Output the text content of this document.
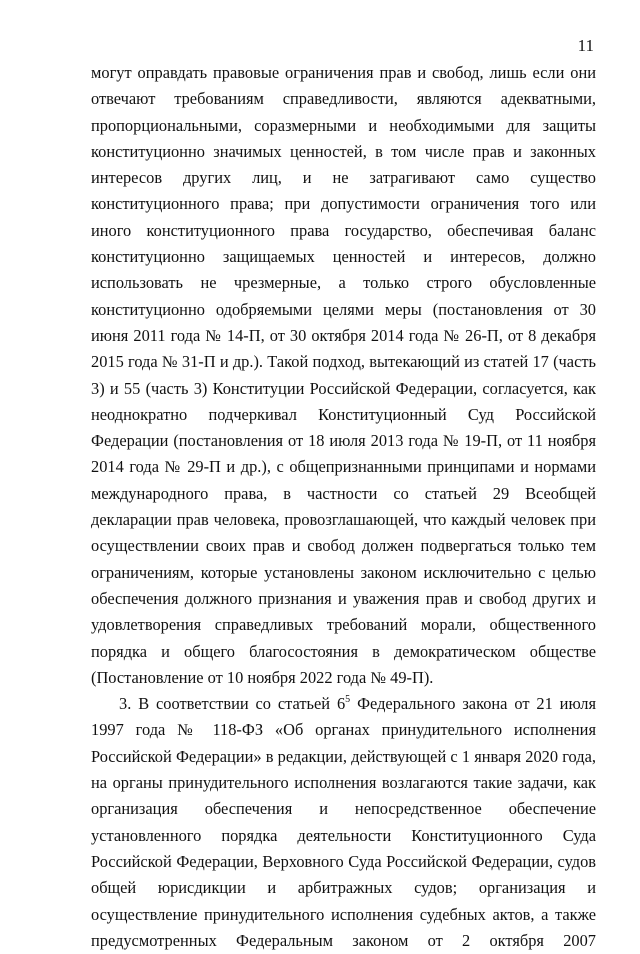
11

могут оправдать правовые ограничения прав и свобод, лишь если они отвечают требованиям справедливости, являются адекватными, пропорциональными, соразмерными и необходимыми для защиты конституционно значимых ценностей, в том числе прав и законных интересов других лиц, и не затрагивают само существо конституционного права; при допустимости ограничения того или иного конституционного права государство, обеспечивая баланс конституционно защищаемых ценностей и интересов, должно использовать не чрезмерные, а только строго обусловленные конституционно одобряемыми целями меры (постановления от 30 июня 2011 года № 14-П, от 30 октября 2014 года № 26-П, от 8 декабря 2015 года № 31-П и др.). Такой подход, вытекающий из статей 17 (часть 3) и 55 (часть 3) Конституции Российской Федерации, согласуется, как неоднократно подчеркивал Конституционный Суд Российской Федерации (постановления от 18 июля 2013 года № 19-П, от 11 ноября 2014 года № 29-П и др.), с общепризнанными принципами и нормами международного права, в частности со статьей 29 Всеобщей декларации прав человека, провозглашающей, что каждый человек при осуществлении своих прав и свобод должен подвергаться только тем ограничениям, которые установлены законом исключительно с целью обеспечения должного признания и уважения прав и свобод других и удовлетворения справедливых требований морали, общественного порядка и общего благосостояния в демократическом обществе (Постановление от 10 ноября 2022 года № 49-П).

3. В соответствии со статьей $6^5$ Федерального закона от 21 июля 1997 года № 118-ФЗ «Об органах принудительного исполнения Российской Федерации» в редакции, действующей с 1 января 2020 года, на органы принудительного исполнения возлагаются такие задачи, как организация обеспечения и непосредственное обеспечение установленного порядка деятельности Конституционного Суда Российской Федерации, Верховного Суда Российской Федерации, судов общей юрисдикции и арбитражных судов; организация и осуществление принудительного исполнения судебных актов, а также предусмотренных Федеральным законом от 2 октября 2007
